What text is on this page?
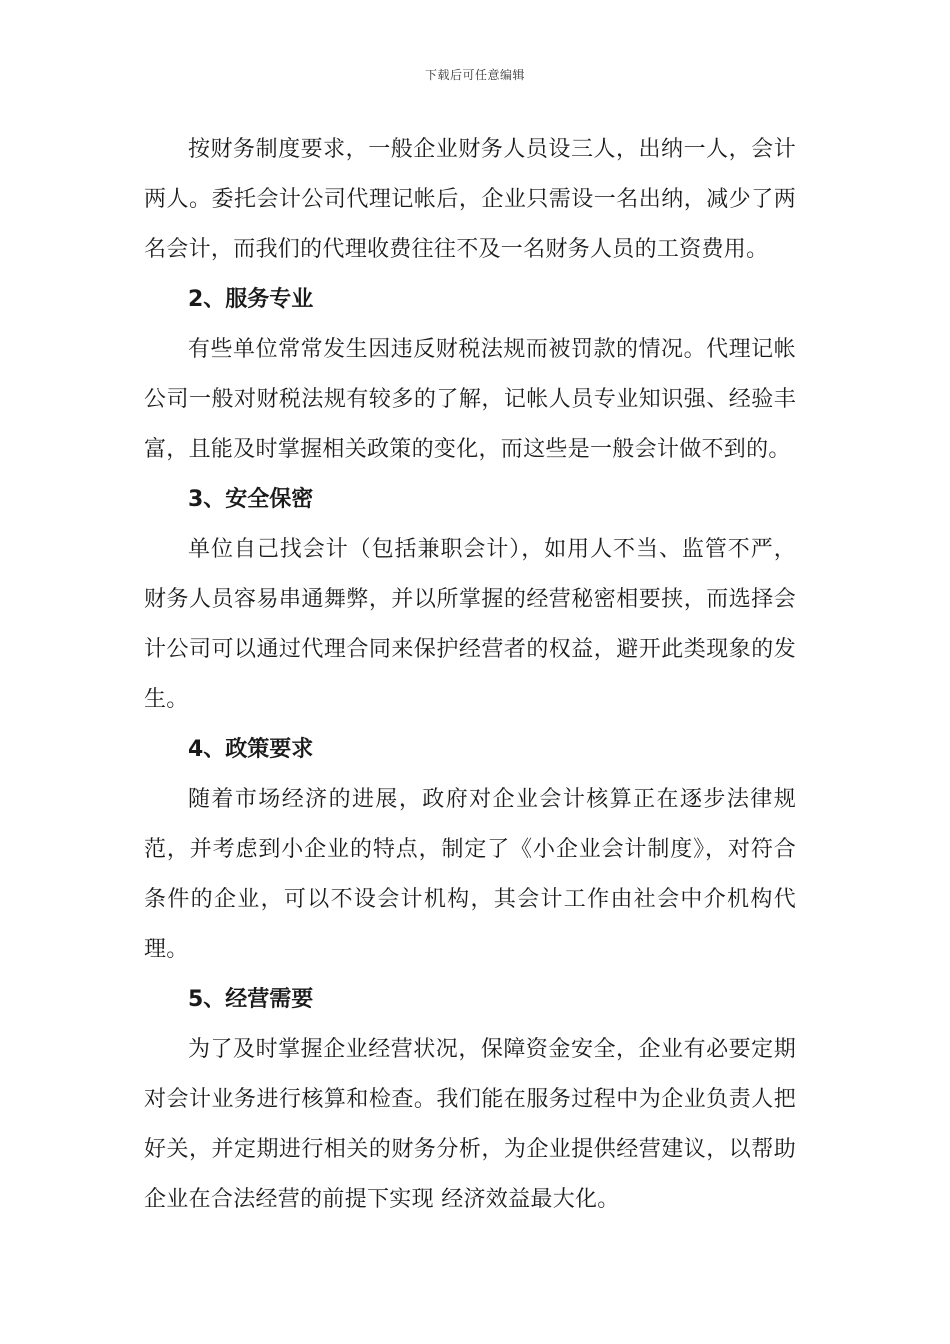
下载后可任意编辑

按财务制度要求，一般企业财务人员设三人，出纳一人，会计两人。委托会计公司代理记帐后，企业只需设一名出纳，减少了两名会计，而我们的代理收费往往不及一名财务人员的工资费用。

2、服务专业

有些单位常常发生因违反财税法规而被罚款的情况。代理记帐公司一般对财税法规有较多的了解，记帐人员专业知识强、经验丰富，且能及时掌握相关政策的变化，而这些是一般会计做不到的。

3、安全保密

单位自己找会计（包括兼职会计），如用人不当、监管不严，财务人员容易串通舞弊，并以所掌握的经营秘密相要挟，而选择会计公司可以通过代理合同来保护经营者的权益，避开此类现象的发生。

4、政策要求

随着市场经济的进展，政府对企业会计核算正在逐步法律规范，并考虑到小企业的特点，制定了《小企业会计制度》，对符合条件的企业，可以不设会计机构，其会计工作由社会中介机构代理。

5、经营需要

为了及时掌握企业经营状况，保障资金安全，企业有必要定期对会计业务进行核算和检查。我们能在服务过程中为企业负责人把好关，并定期进行相关的财务分析，为企业提供经营建议，以帮助企业在合法经营的前提下实现 经济效益最大化。
